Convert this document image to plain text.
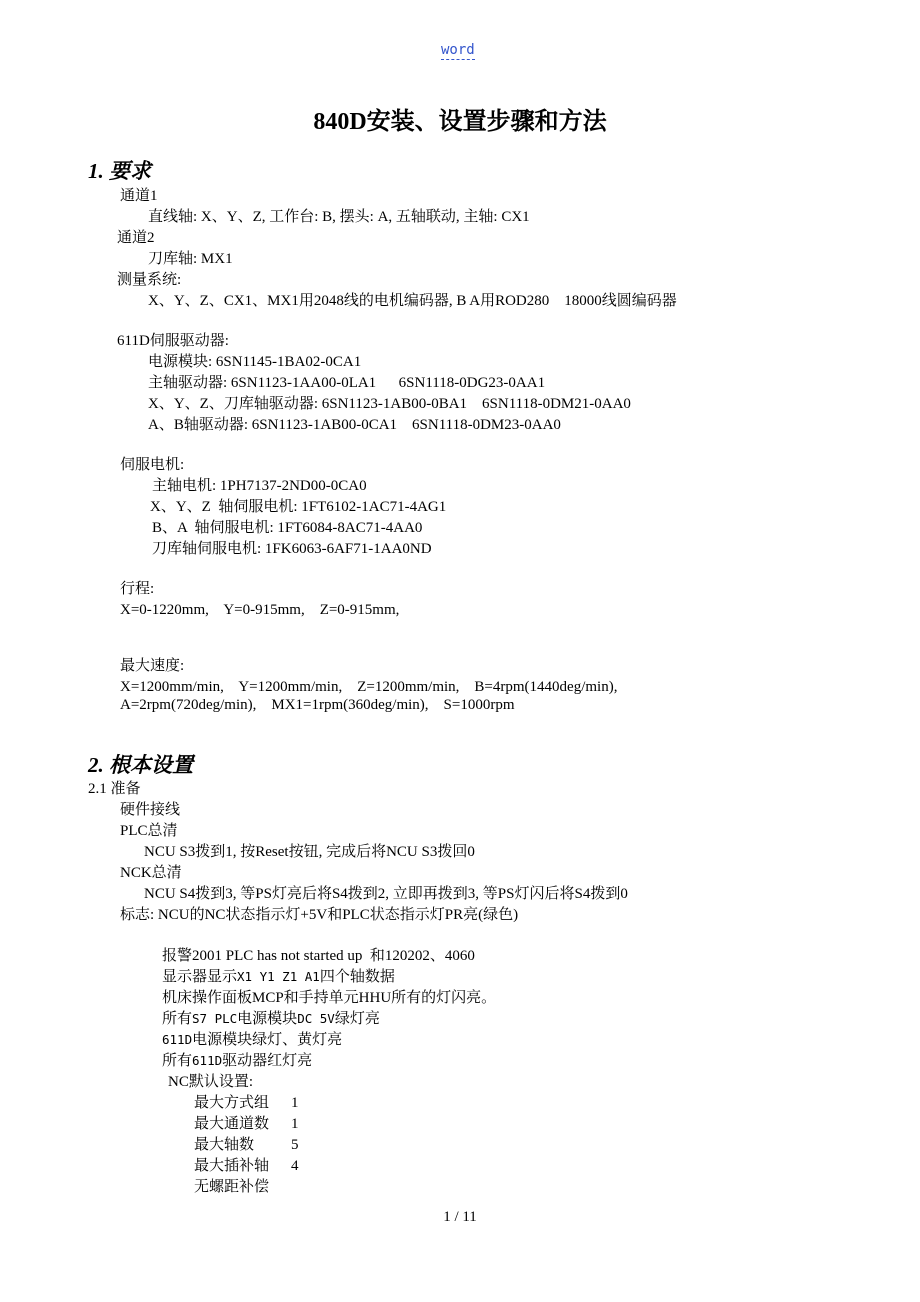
word
840D安装、设置步骤和方法
1. 要求
通道1
直线轴: X、Y、Z, 工作台: B, 摆头: A, 五轴联动, 主轴: CX1
通道2
刀库轴: MX1
测量系统:
X、Y、Z、CX1、MX1用2048线的电机编码器, B A用ROD280    18000线圆编码器
611D伺服驱动器:
电源模块: 6SN1145-1BA02-0CA1
主轴驱动器: 6SN1123-1AA00-0LA1      6SN1118-0DG23-0AA1
X、Y、Z、刀库轴驱动器: 6SN1123-1AB00-0BA1    6SN1118-0DM21-0AA0
A、B轴驱动器: 6SN1123-1AB00-0CA1    6SN1118-0DM23-0AA0
伺服电机:
主轴电机: 1PH7137-2ND00-0CA0
X、Y、Z  轴伺服电机: 1FT6102-1AC71-4AG1
B、A  轴伺服电机: 1FT6084-8AC71-4AA0
刀库轴伺服电机: 1FK6063-6AF71-1AA0ND
行程:
X=0-1220mm,    Y=0-915mm,    Z=0-915mm,
最大速度:
X=1200mm/min,    Y=1200mm/min,    Z=1200mm/min,    B=4rpm(1440deg/min),
A=2rpm(720deg/min),    MX1=1rpm(360deg/min),    S=1000rpm
2. 根本设置
2.1 准备
硬件接线
PLC总清
NCU S3拨到1, 按Reset按钮, 完成后将NCU S3拨回0
NCK总清
NCU S4拨到3, 等PS灯亮后将S4拨到2, 立即再拨到3, 等PS灯闪后将S4拨到0
标志: NCU的NC状态指示灯+5V和PLC状态指示灯PR亮(绿色)
报警2001 PLC has not started up  和120202、4060
显示器显示X1 Y1 Z1 A1四个轴数据
机床操作面板MCP和手持单元HHU所有的灯闪亮。
所有S7 PLC电源模块DC 5V绿灯亮
611D电源模块绿灯、黄灯亮
所有611D驱动器红灯亮
NC默认设置:
最大方式组 1
最大通道数 1
最大轴数 5
最大插补轴 4
无螺距补偿
1 / 11
